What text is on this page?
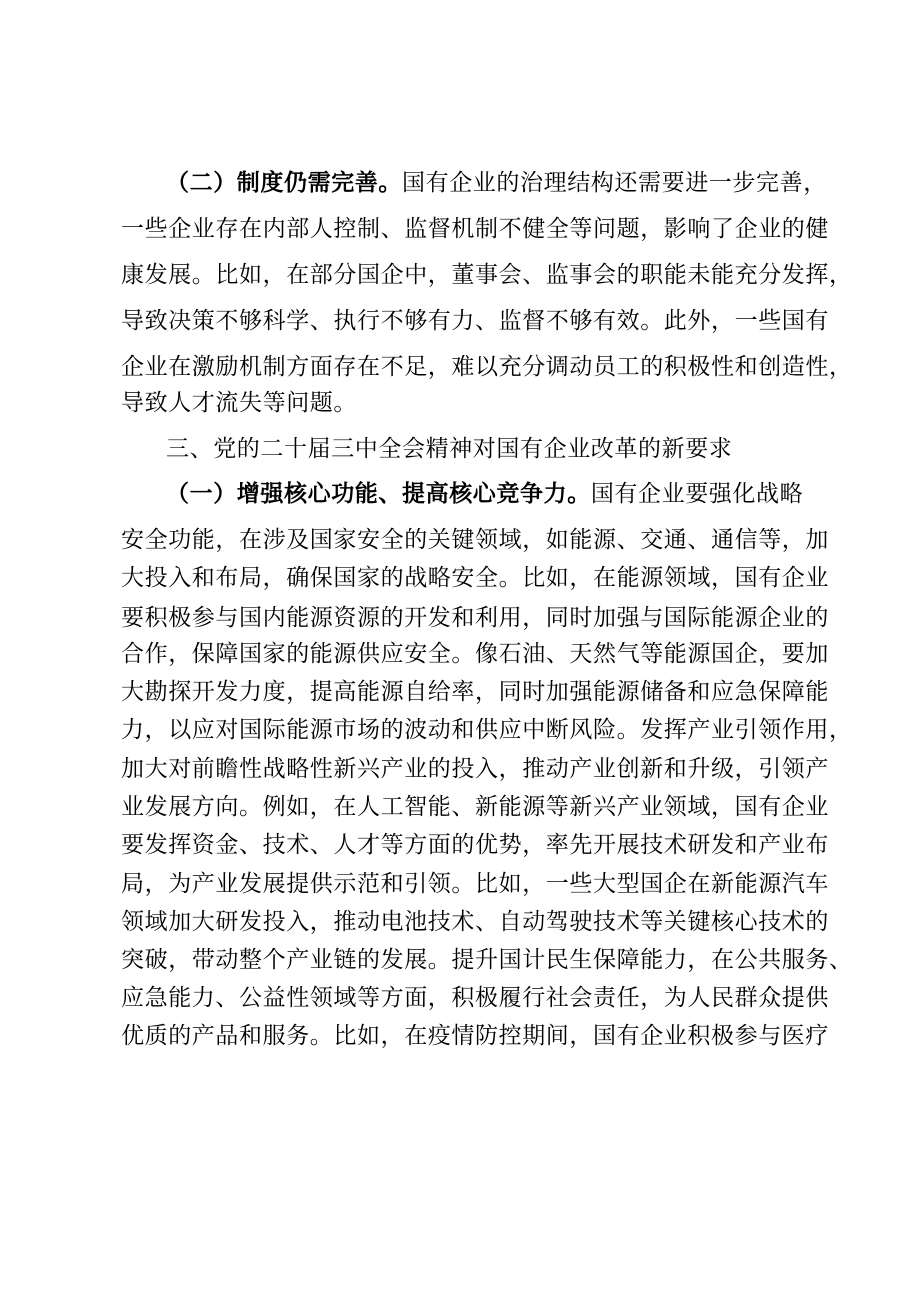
（二）制度仍需完善。国有企业的治理结构还需要进一步完善，
一些企业存在内部人控制、监督机制不健全等问题，影响了企业的健
康发展。比如，在部分国企中，董事会、监事会的职能未能充分发挥，
导致决策不够科学、执行不够有力、监督不够有效。此外，一些国有
企业在激励机制方面存在不足，难以充分调动员工的积极性和创造性，
导致人才流失等问题。
三、党的二十届三中全会精神对国有企业改革的新要求
（一）增强核心功能、提高核心竞争力。国有企业要强化战略
安全功能，在涉及国家安全的关键领域，如能源、交通、通信等，加
大投入和布局，确保国家的战略安全。比如，在能源领域，国有企业
要积极参与国内能源资源的开发和利用，同时加强与国际能源企业的
合作，保障国家的能源供应安全。像石油、天然气等能源国企，要加
大勘探开发力度，提高能源自给率，同时加强能源储备和应急保障能
力，以应对国际能源市场的波动和供应中断风险。发挥产业引领作用，
加大对前瞻性战略性新兴产业的投入，推动产业创新和升级，引领产
业发展方向。例如，在人工智能、新能源等新兴产业领域，国有企业
要发挥资金、技术、人才等方面的优势，率先开展技术研发和产业布
局，为产业发展提供示范和引领。比如，一些大型国企在新能源汽车
领域加大研发投入，推动电池技术、自动驾驶技术等关键核心技术的
突破，带动整个产业链的发展。提升国计民生保障能力，在公共服务、
应急能力、公益性领域等方面，积极履行社会责任，为人民群众提供
优质的产品和服务。比如，在疫情防控期间，国有企业积极参与医疗
